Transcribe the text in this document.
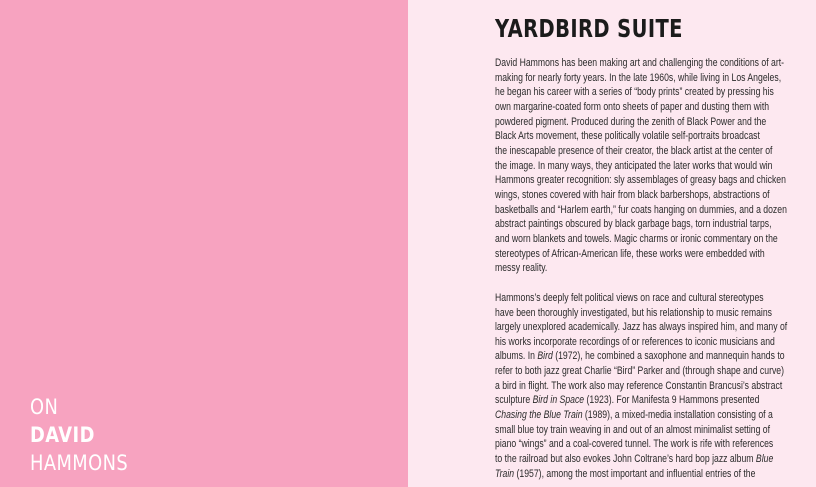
ON
DAVID
HAMMONS
YARDBIRD SUITE

David Hammons has been making art and challenging the conditions of art-
making for nearly forty years. In the late 1960s, while living in Los Angeles,
he began his career with a series of “body prints” created by pressing his
own margarine-coated form onto sheets of paper and dusting them with
powdered pigment. Produced during the zenith of Black Power and the
Black Arts movement, these politically volatile self-portraits broadcast
the inescapable presence of their creator, the black artist at the center of
the image. In many ways, they anticipated the later works that would win
Hammons greater recognition: sly assemblages of greasy bags and chicken
wings, stones covered with hair from black barbershops, abstractions of
basketballs and “Harlem earth,” fur coats hanging on dummies, and a dozen
abstract paintings obscured by black garbage bags, torn industrial tarps,
and worn blankets and towels. Magic charms or ironic commentary on the
stereotypes of African-American life, these works were embedded with
messy reality.

Hammons’s deeply felt political views on race and cultural stereotypes
have been thoroughly investigated, but his relationship to music remains
largely unexplored academically. Jazz has always inspired him, and many of
his works incorporate recordings of or references to iconic musicians and
albums. In Bird (1972), he combined a saxophone and mannequin hands to
refer to both jazz great Charlie “Bird” Parker and (through shape and curve)
a bird in flight. The work also may reference Constantin Brancusi’s abstract
sculpture Bird in Space (1923). For Manifesta 9 Hammons presented
Chasing the Blue Train (1989), a mixed-media installation consisting of a
small blue toy train weaving in and out of an almost minimalist setting of
piano “wings” and a coal-covered tunnel. The work is rife with references
to the railroad but also evokes John Coltrane’s hard bop jazz album Blue
Train (1957), among the most important and influential entries of the
